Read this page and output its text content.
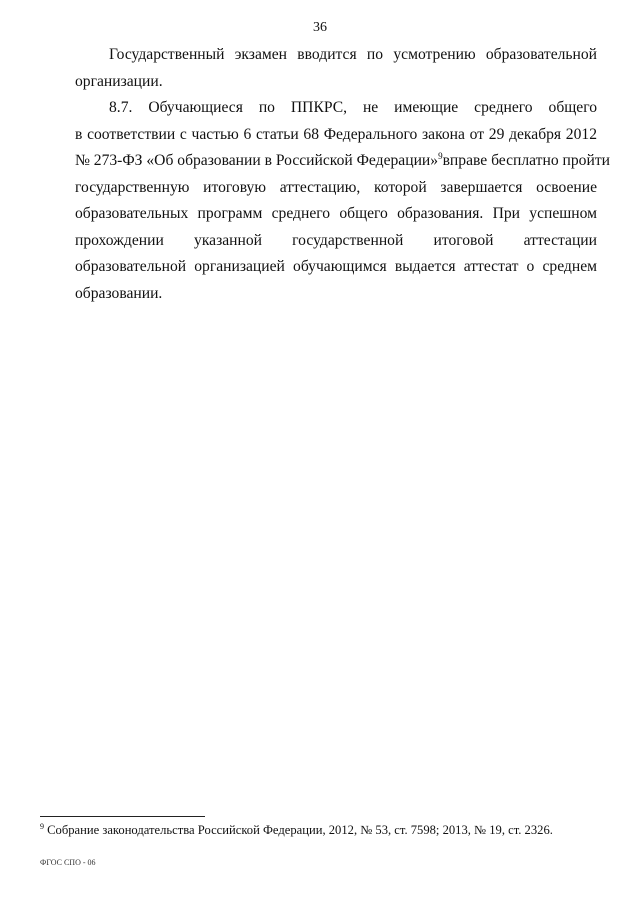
36
Государственный экзамен вводится по усмотрению образовательной
организации.
8.7. Обучающиеся по ППКРС, не имеющие среднего общего
в соответствии с частью 6 статьи 68 Федерального закона от 29 декабря 2012
№ 273-ФЗ «Об образовании в Российской Федерации»$^9$ вправе бесплатно пройти
государственную итоговую аттестацию, которой завершается освоение
образовательных программ среднего общего образования. При успешном
прохождении указанной государственной итоговой аттестации
образовательной организацией обучающимся выдается аттестат о среднем
образовании.
$^9$ Собрание законодательства Российской Федерации, 2012, № 53, ст. 7598; 2013, № 19, ст. 2326.
ФГОС СПО - 06
